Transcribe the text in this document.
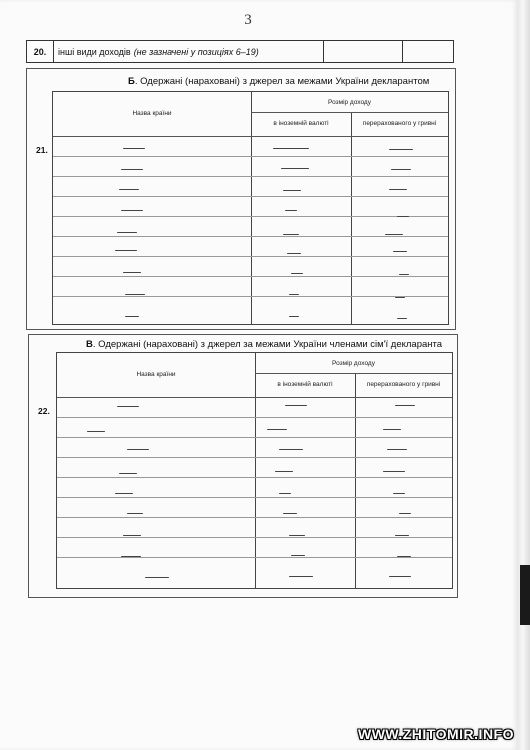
3
20.	інші види доходів (не зазначені у позиціях 6–19)
Б. Одержані (нараховані) з джерел за межами України декларантом
Назва країни
Розмір доходу
в іноземній валюті	перерахованого у гривні
21.
В. Одержані (нараховані) з джерел за межами України членами сім'ї декларанта
Назва країни
Розмір доходу
в іноземній валюті	перерахованого у гривні
22.
WWW.ZHITOMIR.INFO
